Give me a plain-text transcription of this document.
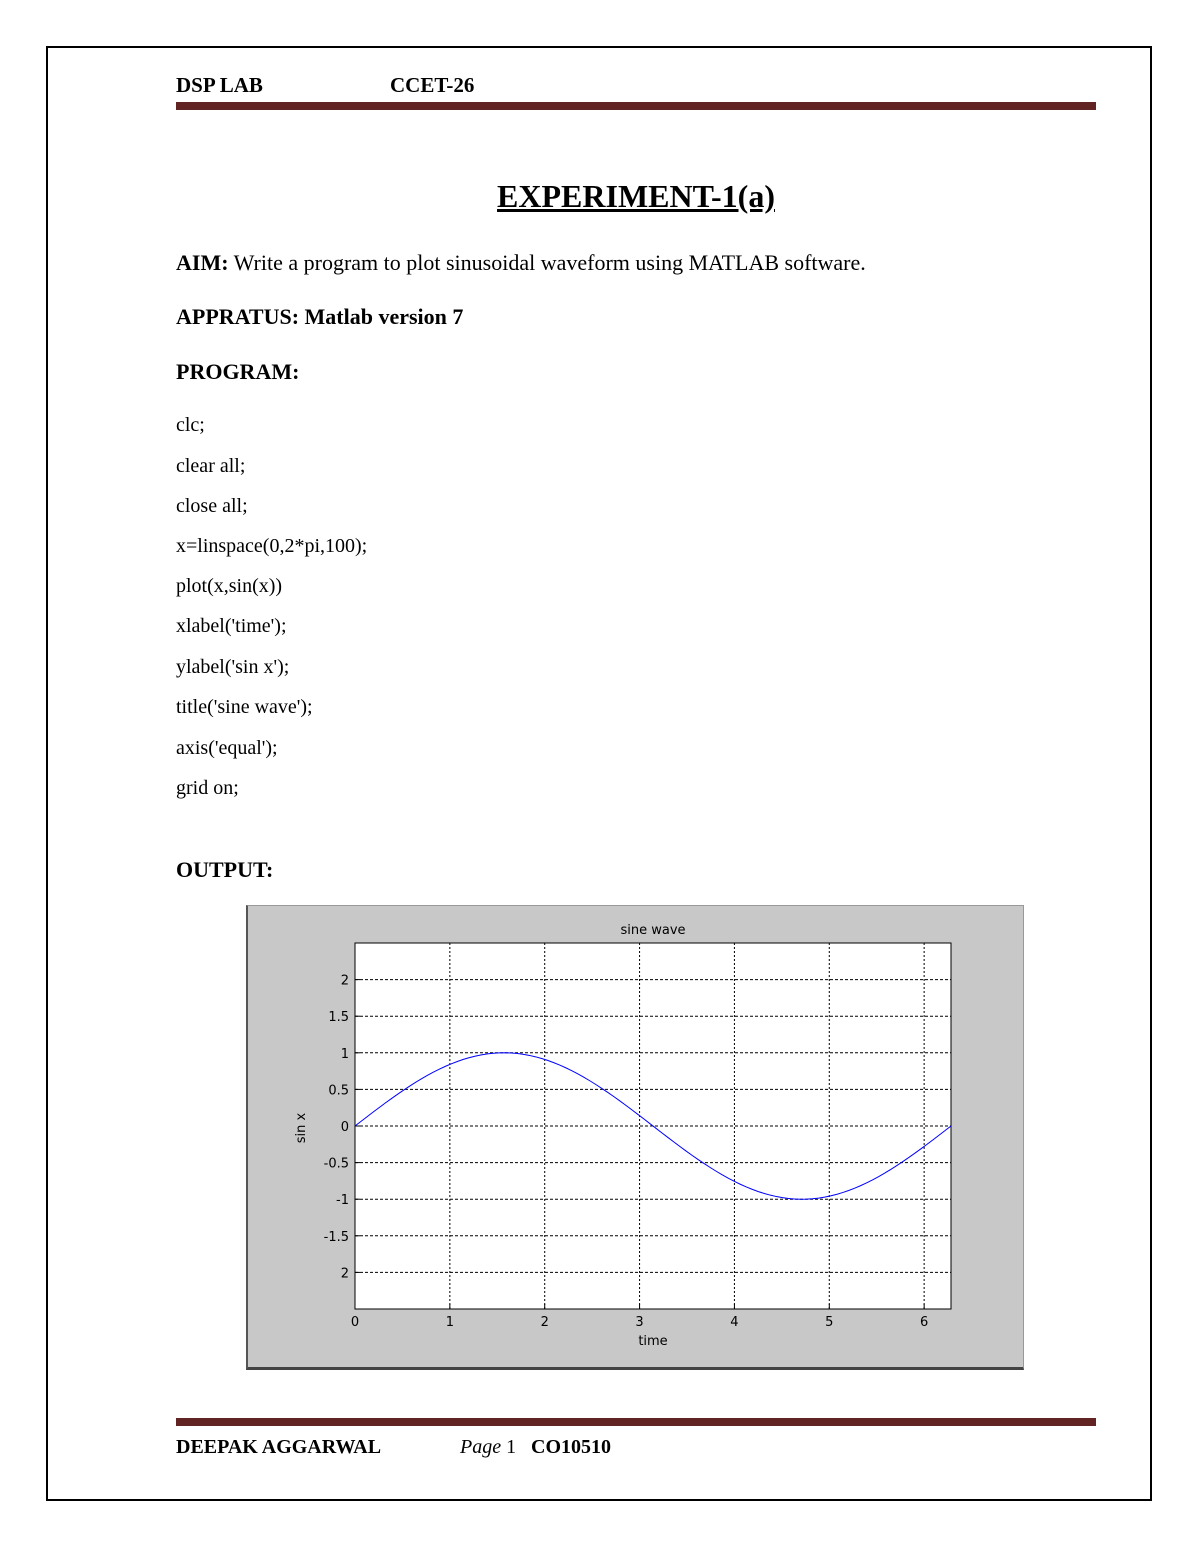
DSP LAB	CCET-26
EXPERIMENT-1(a)
AIM: Write a program to plot sinusoidal waveform using MATLAB software.
APPRATUS: Matlab version 7
PROGRAM:
clc;
clear all;
close all;
x=linspace(0,2*pi,100);
plot(x,sin(x))
xlabel('time');
ylabel('sin x');
title('sine wave');
axis('equal');
grid on;
OUTPUT:
0	1	2	3	4	5	6
2
1.5
1
0.5
0
-0.5
-1
-1.5
2
sine wave
time
sin x
DEEPAK AGGARWAL	Page 1 CO10510
